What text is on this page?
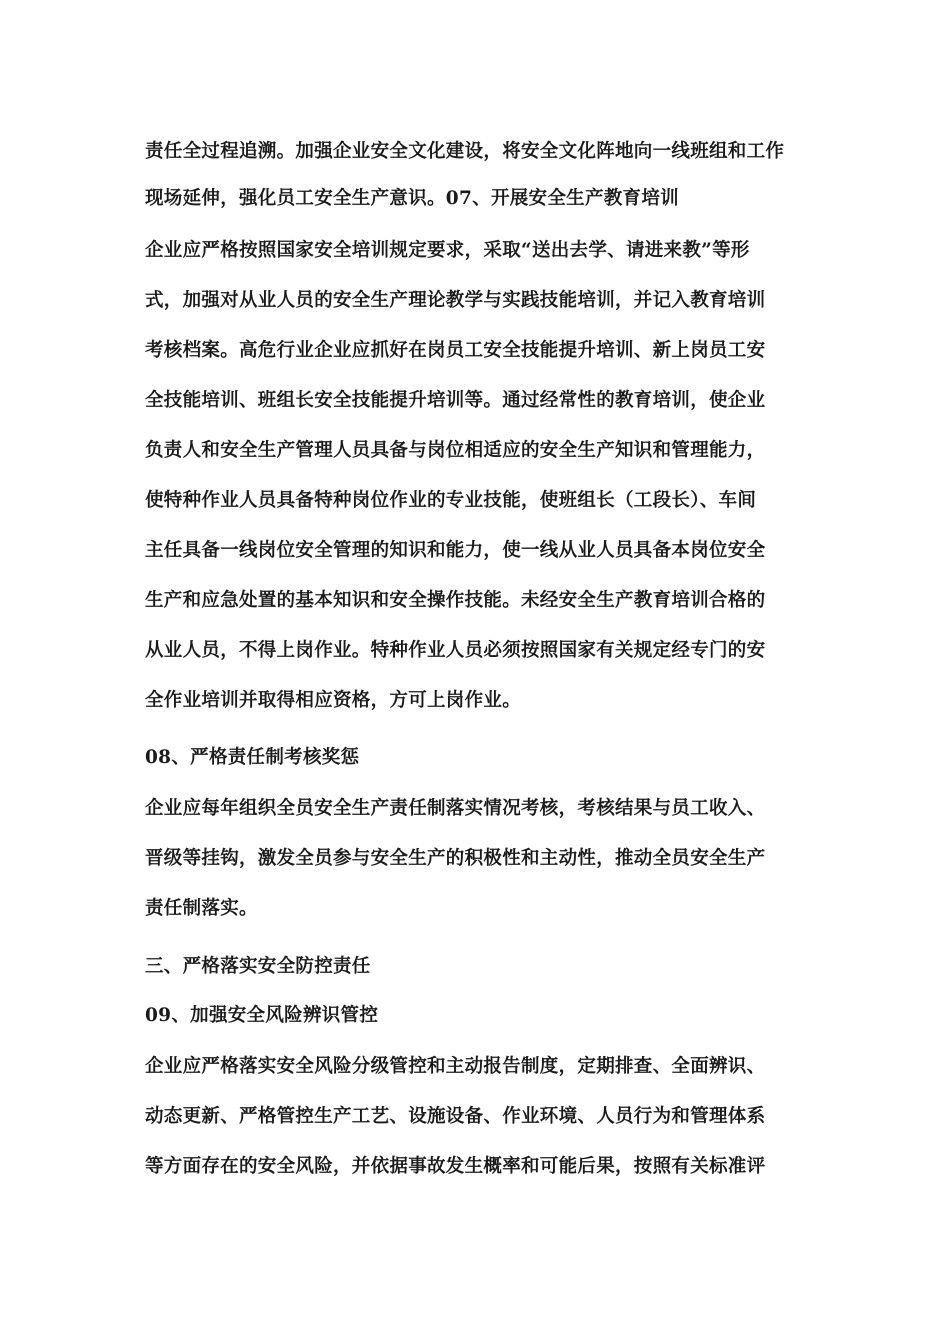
责任全过程追溯。加强企业安全文化建设，将安全文化阵地向一线班组和工作
现场延伸，强化员工安全生产意识。07、开展安全生产教育培训
企业应严格按照国家安全培训规定要求，采取“送出去学、请进来教”等形
式，加强对从业人员的安全生产理论教学与实践技能培训，并记入教育培训
考核档案。高危行业企业应抓好在岗员工安全技能提升培训、新上岗员工安
全技能培训、班组长安全技能提升培训等。通过经常性的教育培训，使企业
负责人和安全生产管理人员具备与岗位相适应的安全生产知识和管理能力，
使特种作业人员具备特种岗位作业的专业技能，使班组长（工段长）、车间
主任具备一线岗位安全管理的知识和能力，使一线从业人员具备本岗位安全
生产和应急处置的基本知识和安全操作技能。未经安全生产教育培训合格的
从业人员，不得上岗作业。特种作业人员必须按照国家有关规定经专门的安
全作业培训并取得相应资格，方可上岗作业。
08、严格责任制考核奖惩
企业应每年组织全员安全生产责任制落实情况考核，考核结果与员工收入、
晋级等挂钩，激发全员参与安全生产的积极性和主动性，推动全员安全生产
责任制落实。
三、严格落实安全防控责任
09、加强安全风险辨识管控
企业应严格落实安全风险分级管控和主动报告制度，定期排查、全面辨识、
动态更新、严格管控生产工艺、设施设备、作业环境、人员行为和管理体系
等方面存在的安全风险，并依据事故发生概率和可能后果，按照有关标准评
